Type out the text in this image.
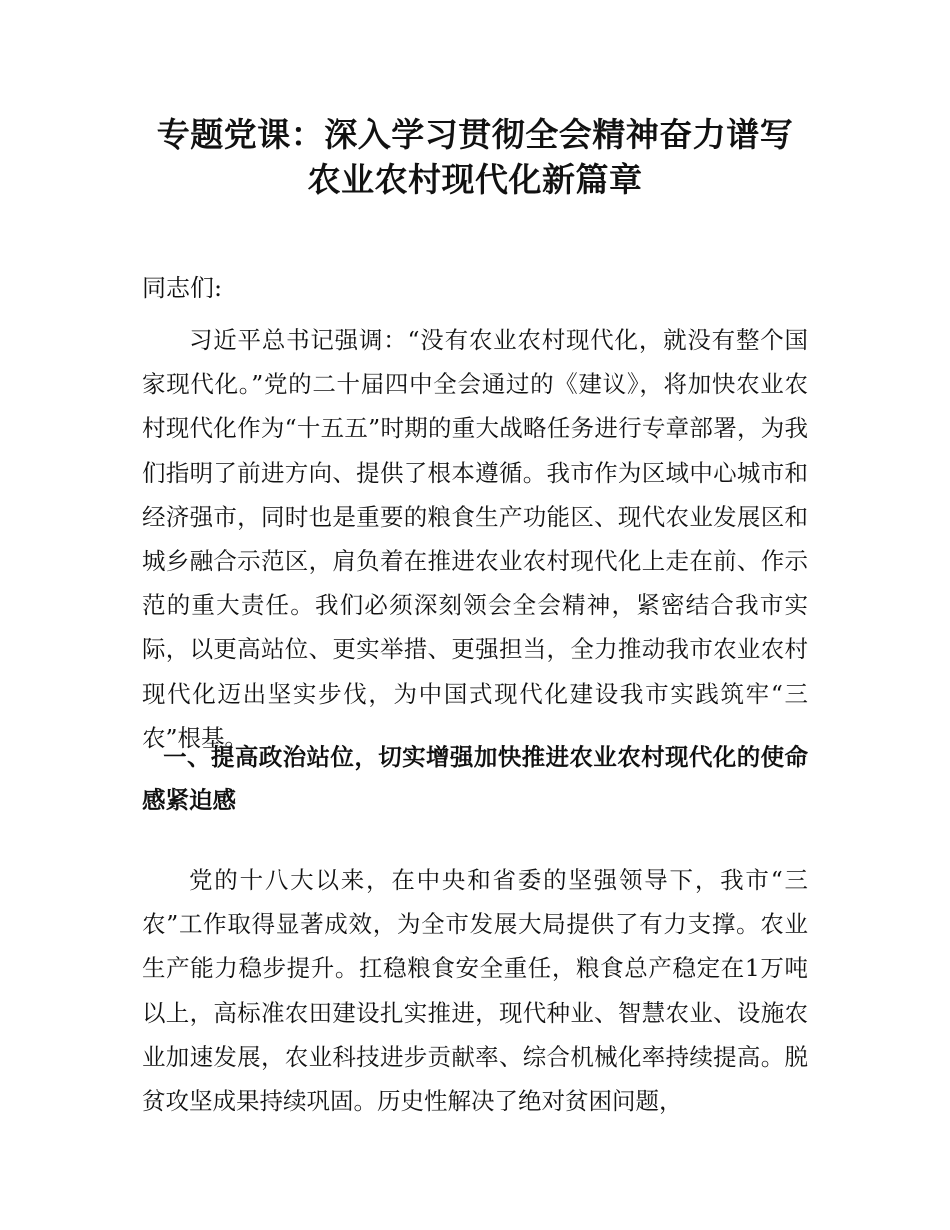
专题党课：深入学习贯彻全会精神奋力谱写
农业农村现代化新篇章

同志们:

习近平总书记强调：“没有农业农村现代化，就没有整个国家现代化。”党的二十届四中全会通过的《建议》，将加快农业农村现代化作为“十五五”时期的重大战略任务进行专章部署，为我们指明了前进方向、提供了根本遵循。我市作为区域中心城市和经济强市，同时也是重要的粮食生产功能区、现代农业发展区和城乡融合示范区，肩负着在推进农业农村现代化上走在前、作示范的重大责任。我们必须深刻领会全会精神，紧密结合我市实际，以更高站位、更实举措、更强担当，全力推动我市农业农村现代化迈出坚实步伐，为中国式现代化建设我市实践筑牢“三农”根基。

一、提高政治站位，切实增强加快推进农业农村现代化的使命感紧迫感

党的十八大以来，在中央和省委的坚强领导下，我市“三农”工作取得显著成效，为全市发展大局提供了有力支撑。农业生产能力稳步提升。扛稳粮食安全重任，粮食总产稳定在1万吨以上，高标准农田建设扎实推进，现代种业、智慧农业、设施农业加速发展，农业科技进步贡献率、综合机械化率持续提高。脱贫攻坚成果持续巩固。历史性解决了绝对贫困问题，
